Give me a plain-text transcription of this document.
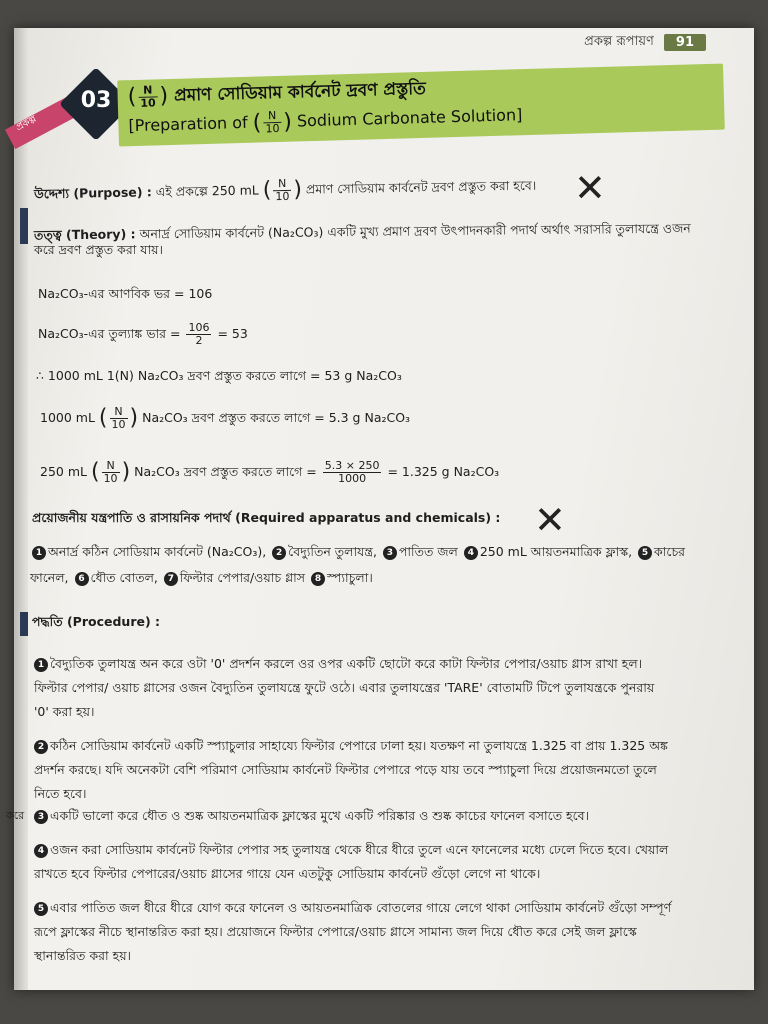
প্রকল্প রূপায়ণ	91
প্রকল্প
03 ( $\frac{N}{10}$ ) প্রমাণ সোডিয়াম কার্বনেট দ্রবণ প্রস্তুতি
[Preparation of ( $\frac{N}{10}$ ) Sodium Carbonate Solution]
উদ্দেশ্য (Purpose) : এই প্রকল্পে 250 mL ( $\frac{N}{10}$ ) প্রমাণ সোডিয়াম কার্বনেট দ্রবণ প্রস্তুত করা হবে। ✕
তত্ত্ব (Theory) : অনার্দ্র সোডিয়াম কার্বনেট (Na₂CO₃) একটি মুখ্য প্রমাণ দ্রবণ উৎপাদনকারী পদার্থ অর্থাৎ সরাসরি তুলাযন্ত্রে ওজন
করে দ্রবণ প্রস্তুত করা যায়।
Na₂CO₃-এর আণবিক ভর = 106
Na₂CO₃-এর তুল্যাঙ্ক ভার = $\frac{106}{2} = 53$
∴ 1000 mL 1(N) Na₂CO₃ দ্রবণ প্রস্তুত করতে লাগে = 53 g Na₂CO₃
1000 mL ( $\frac{N}{10}$ ) Na₂CO₃ দ্রবণ প্রস্তুত করতে লাগে = 5.3 g Na₂CO₃
250 mL ( $\frac{N}{10}$ ) Na₂CO₃ দ্রবণ প্রস্তুত করতে লাগে = $\frac{5.3 \times 250}{1000} = 1.325$ g Na₂CO₃
প্রয়োজনীয় যন্ত্রপাতি ও রাসায়নিক পদার্থ (Required apparatus and chemicals) : ✕
1 অনার্দ্র কঠিন সোডিয়াম কার্বনেট (Na₂CO₃), 2 বৈদ্যুতিন তুলাযন্ত্র, 3 পাতিত জল 4 250 mL আয়তনমাত্রিক ফ্লাস্ক, 5 কাচের
ফানেল, 6 ধৌত বোতল, 7 ফিল্টার পেপার/ওয়াচ গ্লাস 8 স্প্যাচুলা।
পদ্ধতি (Procedure) :
1 বৈদ্যুতিক তুলাযন্ত্র অন করে ওটা '0' প্রদর্শন করলে ওর ওপর একটি ছোটো করে কাটা ফিল্টার পেপার/ওয়াচ গ্লাস রাখা হল।
ফিল্টার পেপার/ ওয়াচ গ্লাসের ওজন বৈদ্যুতিন তুলাযন্ত্রে ফুটে ওঠে। এবার তুলাযন্ত্রের 'TARE' বোতামটি টিপে তুলাযন্ত্রকে পুনরায়
'0' করা হয়।
2 কঠিন সোডিয়াম কার্বনেট একটি স্প্যাচুলার সাহায্যে ফিল্টার পেপারে ঢালা হয়। যতক্ষণ না তুলাযন্ত্রে 1.325 বা প্রায় 1.325 অঙ্ক
প্রদর্শন করছে। যদি অনেকটা বেশি পরিমাণ সোডিয়াম কার্বনেট ফিল্টার পেপারে পড়ে যায় তবে স্প্যাচুলা দিয়ে প্রয়োজনমতো তুলে
নিতে হবে।
করে	3 একটি ভালো করে ধৌত ও শুষ্ক আয়তনমাত্রিক ফ্লাস্কের মুখে একটি পরিষ্কার ও শুষ্ক কাচের ফানেল বসাতে হবে।
4 ওজন করা সোডিয়াম কার্বনেট ফিল্টার পেপার সহ তুলাযন্ত্র থেকে ধীরে ধীরে তুলে এনে ফানেলের মধ্যে ঢেলে দিতে হবে। খেয়াল
রাখতে হবে ফিল্টার পেপারের/ওয়াচ গ্লাসের গায়ে যেন এতটুকু সোডিয়াম কার্বনেট গুঁড়ো লেগে না থাকে।
5 এবার পাতিত জল ধীরে ধীরে যোগ করে ফানেল ও আয়তনমাত্রিক বোতলের গায়ে লেগে থাকা সোডিয়াম কার্বনেট গুঁড়ো সম্পূর্ণ
রূপে ফ্লাস্কের নীচে স্থানান্তরিত করা হয়। প্রয়োজনে ফিল্টার পেপারে/ওয়াচ গ্লাসে সামান্য জল দিয়ে ধৌত করে সেই জল ফ্লাস্কে
স্থানান্তরিত করা হয়।
